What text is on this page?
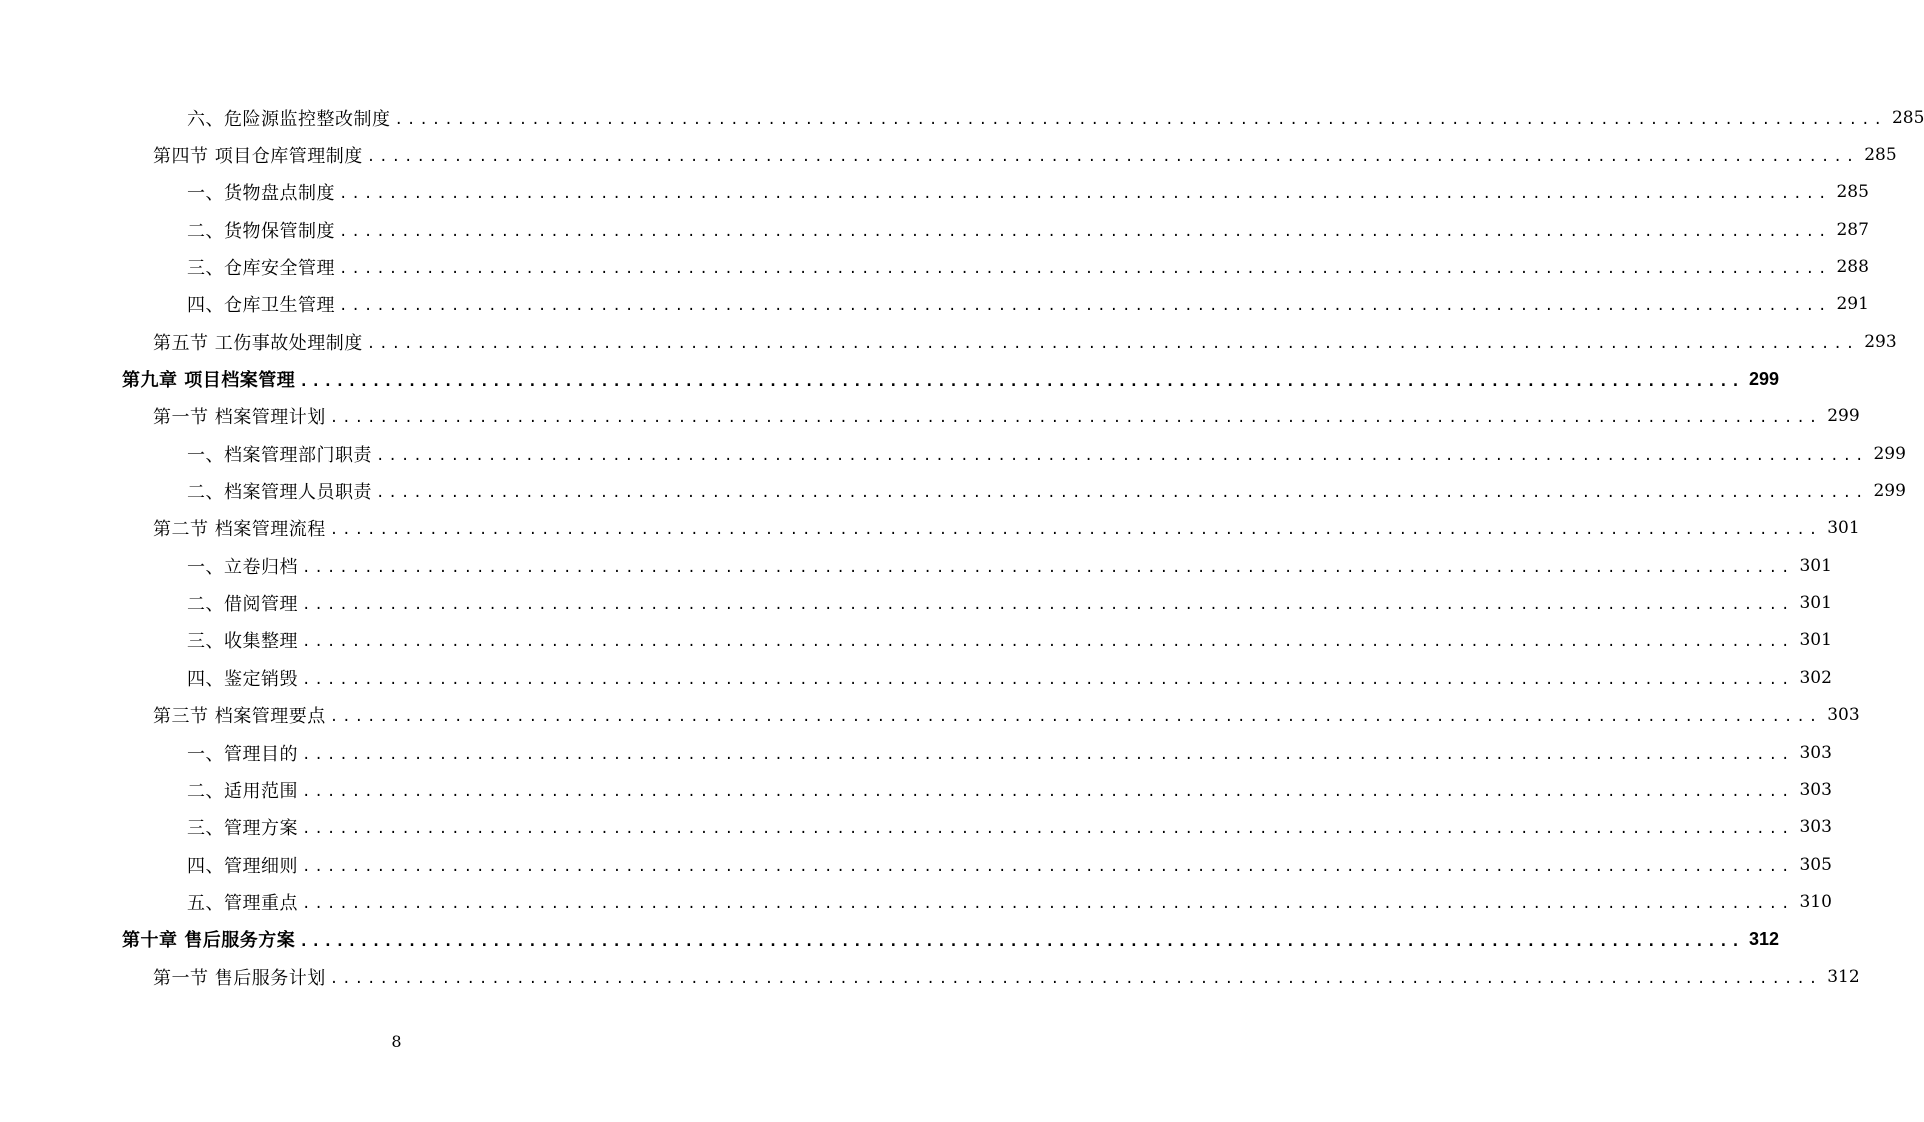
六、危险源监控整改制度 ........................................................................................................................ 285
第四节 项目仓库管理制度 ........................................................................................................................ 285
一、货物盘点制度 ........................................................................................................................ 285
二、货物保管制度 ........................................................................................................................ 287
三、仓库安全管理 ........................................................................................................................ 288
四、仓库卫生管理 ........................................................................................................................ 291
第五节 工伤事故处理制度 ........................................................................................................................ 293
第九章 项目档案管理 ........................................................................................................................ 299
第一节 档案管理计划 ........................................................................................................................ 299
一、档案管理部门职责 ........................................................................................................................ 299
二、档案管理人员职责 ........................................................................................................................ 299
第二节 档案管理流程 ........................................................................................................................ 301
一、立卷归档 ........................................................................................................................ 301
二、借阅管理 ........................................................................................................................ 301
三、收集整理 ........................................................................................................................ 301
四、鉴定销毁 ........................................................................................................................ 302
第三节 档案管理要点 ........................................................................................................................ 303
一、管理目的 ........................................................................................................................ 303
二、适用范围 ........................................................................................................................ 303
三、管理方案 ........................................................................................................................ 303
四、管理细则 ........................................................................................................................ 305
五、管理重点 ........................................................................................................................ 310
第十章 售后服务方案 ........................................................................................................................ 312
第一节 售后服务计划 ........................................................................................................................ 312
8
